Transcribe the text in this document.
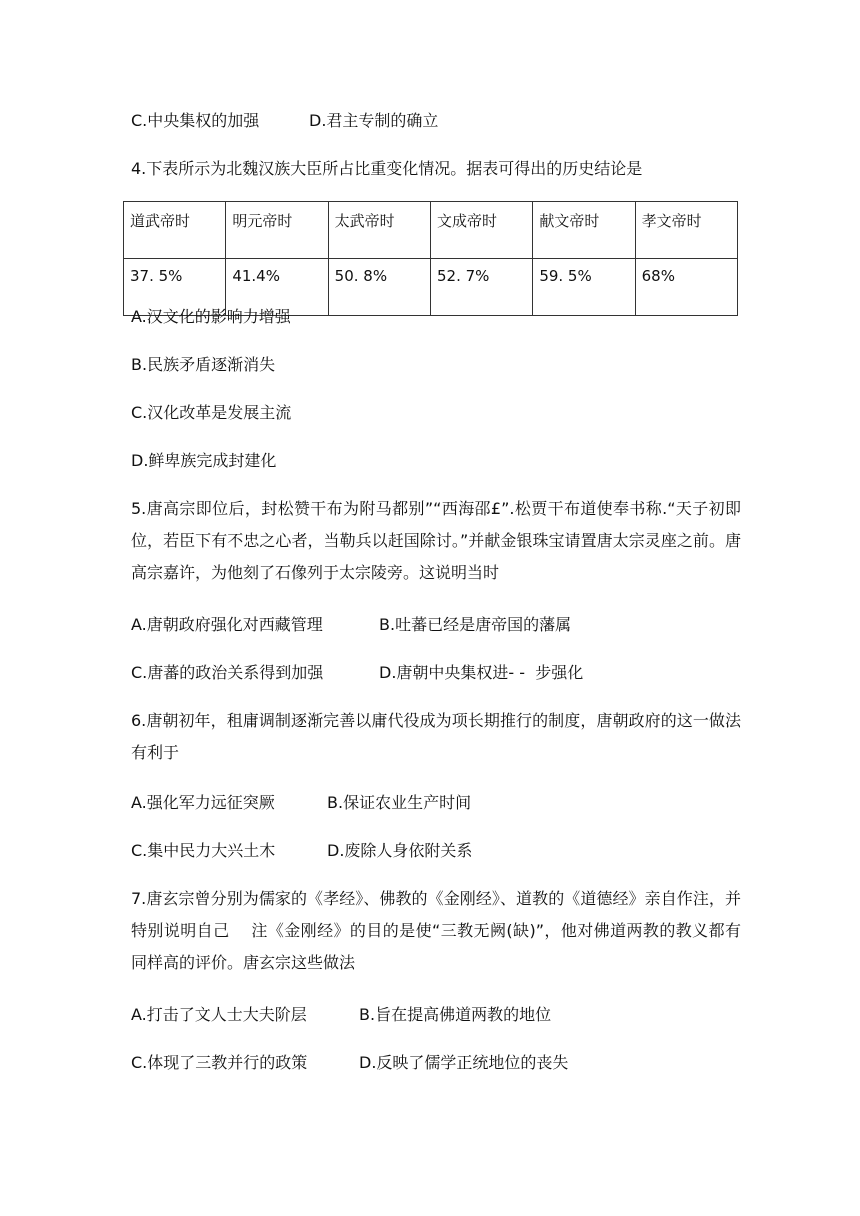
C.中央集权的加强	D.君主专制的确立
4.下表所示为北魏汉族大臣所占比重变化情况。据表可得出的历史结论是
道武帝时	明元帝时	太武帝时	文成帝时	献文帝时	孝文帝时
37. 5%	41.4%	50. 8%	52. 7%	59. 5%	68%
A.汉文化的影响力增强
B.民族矛盾逐渐消失
C.汉化改革是发展主流
D.鲜卑族完成封建化
5.唐高宗即位后，封松赞干布为附马都别”“西海邵£”.松贾干布道使奉书称.“天子初即位，若臣下有不忠之心者，当勒兵以赶国除讨。”并献金银珠宝请置唐太宗灵座之前。唐高宗嘉许，为他刻了石像列于太宗陵旁。这说明当时
A.唐朝政府强化对西藏管理	B.吐蕃已经是唐帝国的藩属
C.唐蕃的政治关系得到加强	D.唐朝中央集权进- -  步强化
6.唐朝初年，租庸调制逐渐完善以庸代役成为项长期推行的制度，唐朝政府的这一做法有利于
A.强化军力远征突厥	B.保证农业生产时间
C.集中民力大兴土木	D.废除人身依附关系
7.唐玄宗曾分别为儒家的《孝经》、佛教的《金刚经》、道教的《道德经》亲自作注，并特别说明自己　 注《金刚经》的目的是使“三教无阙(缺)”，他对佛道两教的教义都有同样高的评价。唐玄宗这些做法
A.打击了文人士大夫阶层	B.旨在提高佛道两教的地位
C.体现了三教并行的政策	D.反映了儒学正统地位的丧失
